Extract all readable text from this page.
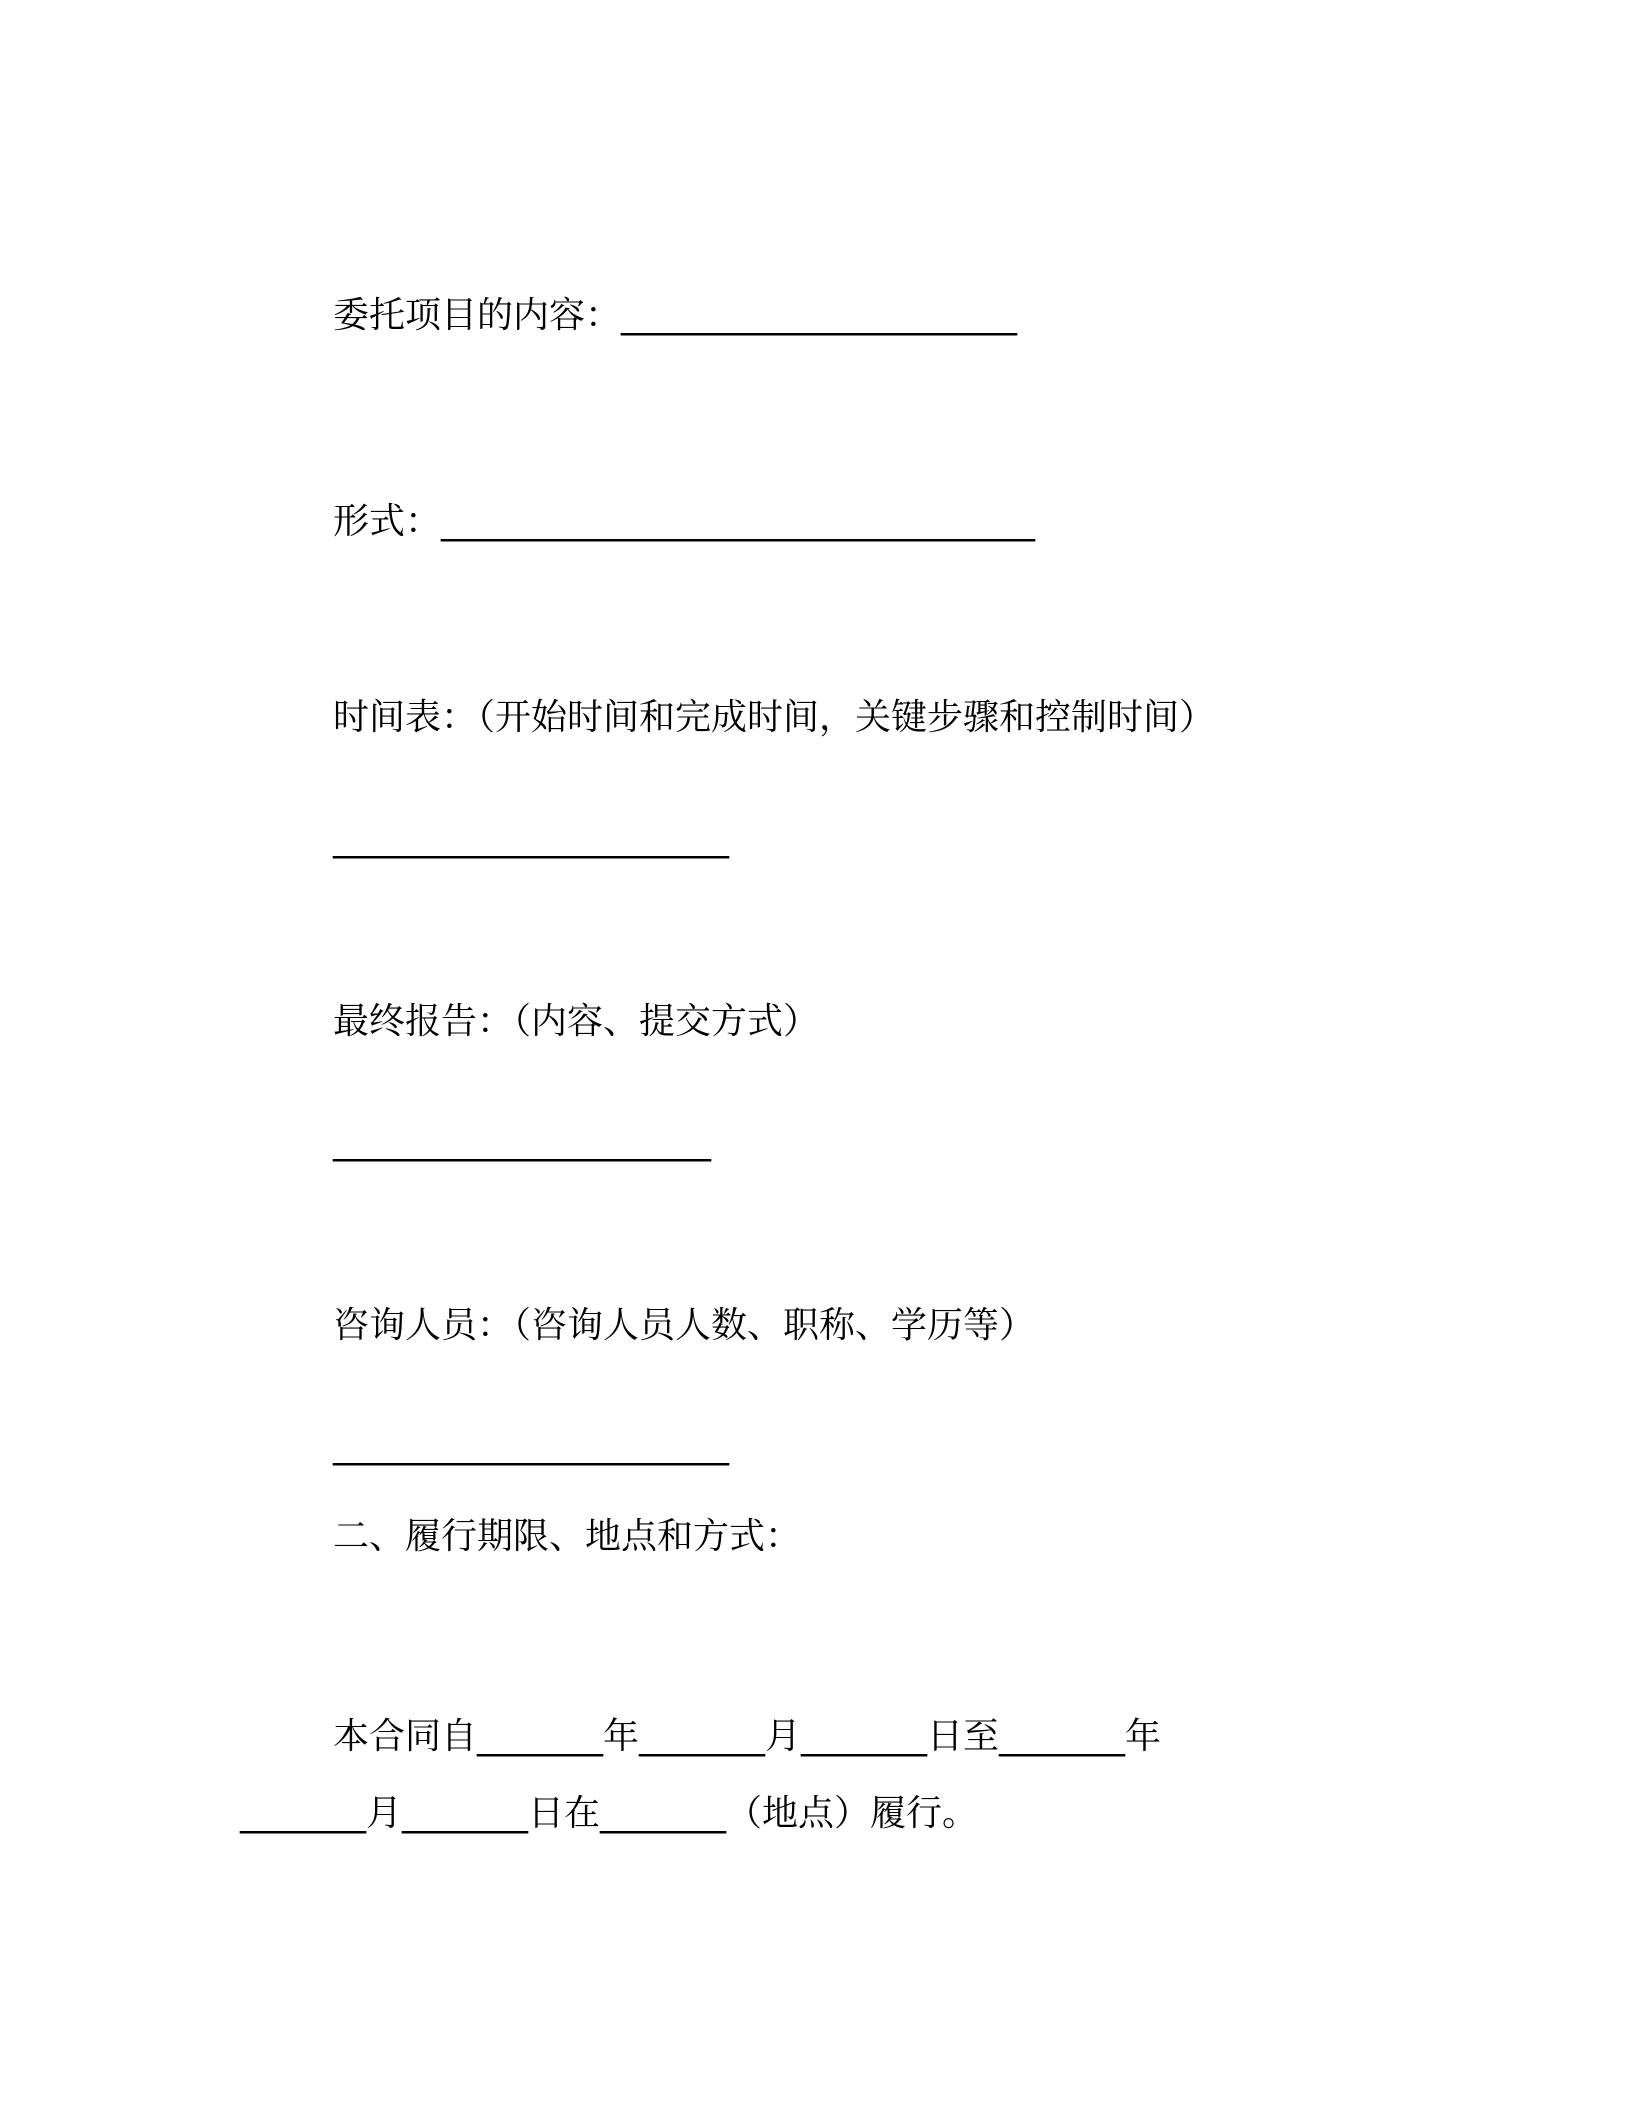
委托项目的内容：______________________
形式：_________________________________
时间表：（开始时间和完成时间，关键步骤和控制时间）
______________________
最终报告：（内容、提交方式）
_____________________
咨询人员：（咨询人员人数、职称、学历等）
______________________
二、履行期限、地点和方式：
本合同自_______年_______月_______日至_______年
_______月_______日在_______（地点）履行。
